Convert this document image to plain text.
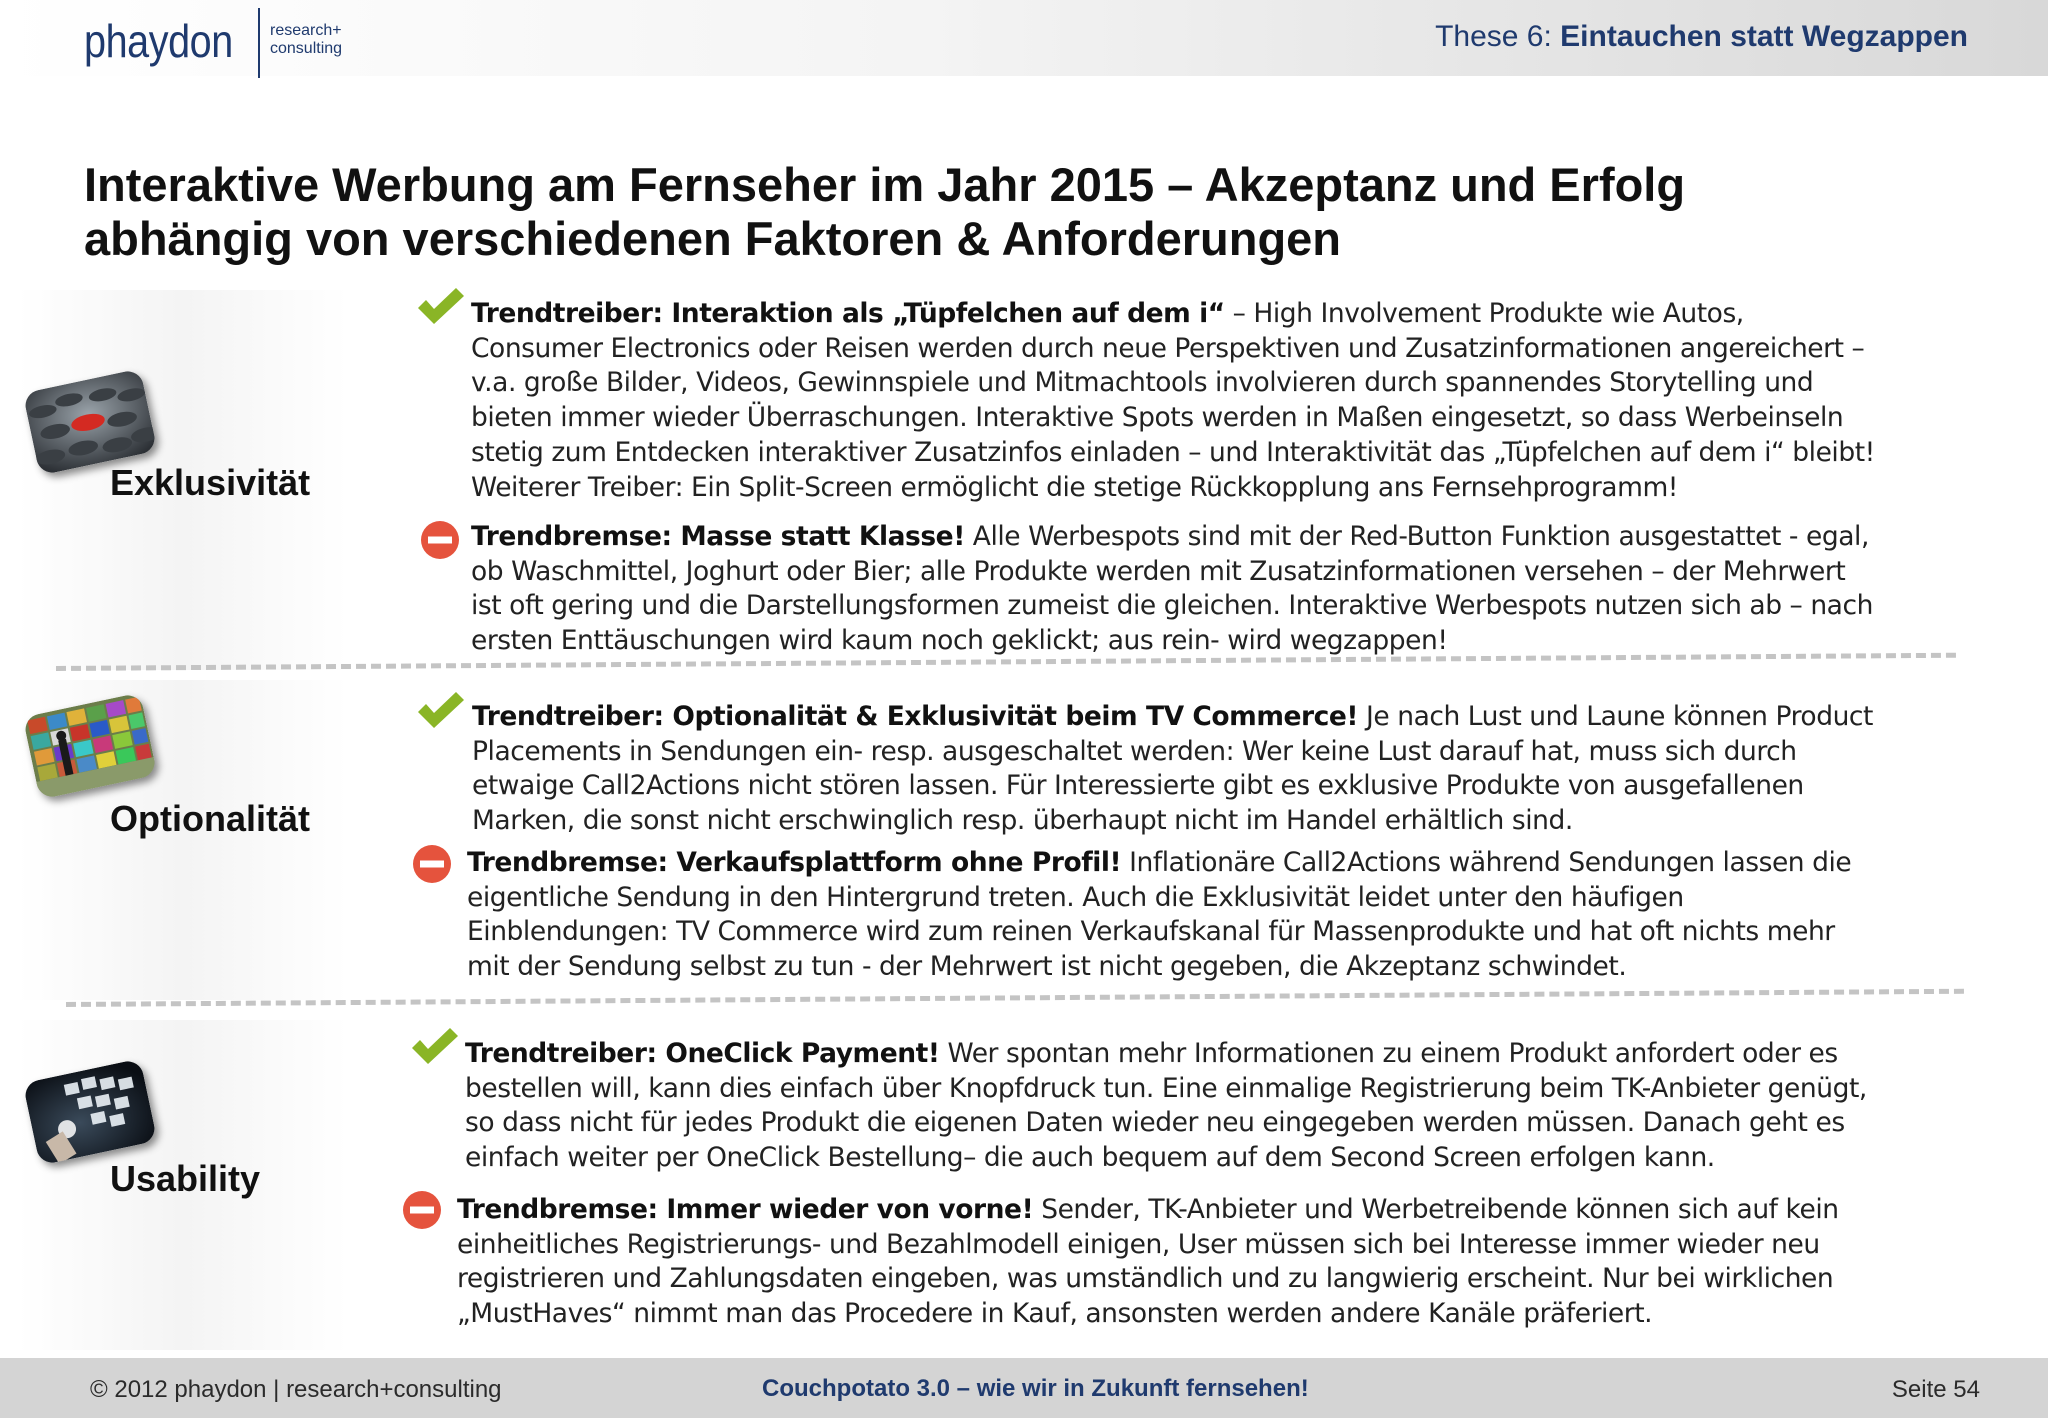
phaydon research+
consulting	These 6: Eintauchen statt Wegzappen
Interaktive Werbung am Fernseher im Jahr 2015 – Akzeptanz und Erfolg
abhängig von verschiedenen Faktoren & Anforderungen
Exklusivität
Optionalität
Usability
Trendtreiber: Interaktion als „Tüpfelchen auf dem i“ – High Involvement Produkte wie Autos,
Consumer Electronics oder Reisen werden durch neue Perspektiven und Zusatzinformationen angereichert –
v.a. große Bilder, Videos, Gewinnspiele und Mitmachtools involvieren durch spannendes Storytelling und
bieten immer wieder Überraschungen. Interaktive Spots werden in Maßen eingesetzt, so dass Werbeinseln
stetig zum Entdecken interaktiver Zusatzinfos einladen – und Interaktivität das „Tüpfelchen auf dem i“ bleibt!
Weiterer Treiber: Ein Split-Screen ermöglicht die stetige Rückkopplung ans Fernsehprogramm!
Trendbremse: Masse statt Klasse! Alle Werbespots sind mit der Red-Button Funktion ausgestattet - egal,
ob Waschmittel, Joghurt oder Bier; alle Produkte werden mit Zusatzinformationen versehen – der Mehrwert
ist oft gering und die Darstellungsformen zumeist die gleichen. Interaktive Werbespots nutzen sich ab – nach
ersten Enttäuschungen wird kaum noch geklickt; aus rein- wird wegzappen!
Trendtreiber: Optionalität & Exklusivität beim TV Commerce! Je nach Lust und Laune können Product
Placements in Sendungen ein- resp. ausgeschaltet werden: Wer keine Lust darauf hat, muss sich durch
etwaige Call2Actions nicht stören lassen. Für Interessierte gibt es exklusive Produkte von ausgefallenen
Marken, die sonst nicht erschwinglich resp. überhaupt nicht im Handel erhältlich sind.
Trendbremse: Verkaufsplattform ohne Profil! Inflationäre Call2Actions während Sendungen lassen die
eigentliche Sendung in den Hintergrund treten. Auch die Exklusivität leidet unter den häufigen
Einblendungen: TV Commerce wird zum reinen Verkaufskanal für Massenprodukte und hat oft nichts mehr
mit der Sendung selbst zu tun - der Mehrwert ist nicht gegeben, die Akzeptanz schwindet.
Trendtreiber: OneClick Payment! Wer spontan mehr Informationen zu einem Produkt anfordert oder es
bestellen will, kann dies einfach über Knopfdruck tun. Eine einmalige Registrierung beim TK-Anbieter genügt,
so dass nicht für jedes Produkt die eigenen Daten wieder neu eingegeben werden müssen. Danach geht es
einfach weiter per OneClick Bestellung– die auch bequem auf dem Second Screen erfolgen kann.
Trendbremse: Immer wieder von vorne! Sender, TK-Anbieter und Werbetreibende können sich auf kein
einheitliches Registrierungs- und Bezahlmodell einigen, User müssen sich bei Interesse immer wieder neu
registrieren und Zahlungsdaten eingeben, was umständlich und zu langwierig erscheint. Nur bei wirklichen
„MustHaves“ nimmt man das Procedere in Kauf, ansonsten werden andere Kanäle präferiert.
© 2012 phaydon | research+consulting	Couchpotato 3.0 – wie wir in Zukunft fernsehen!	Seite 54
